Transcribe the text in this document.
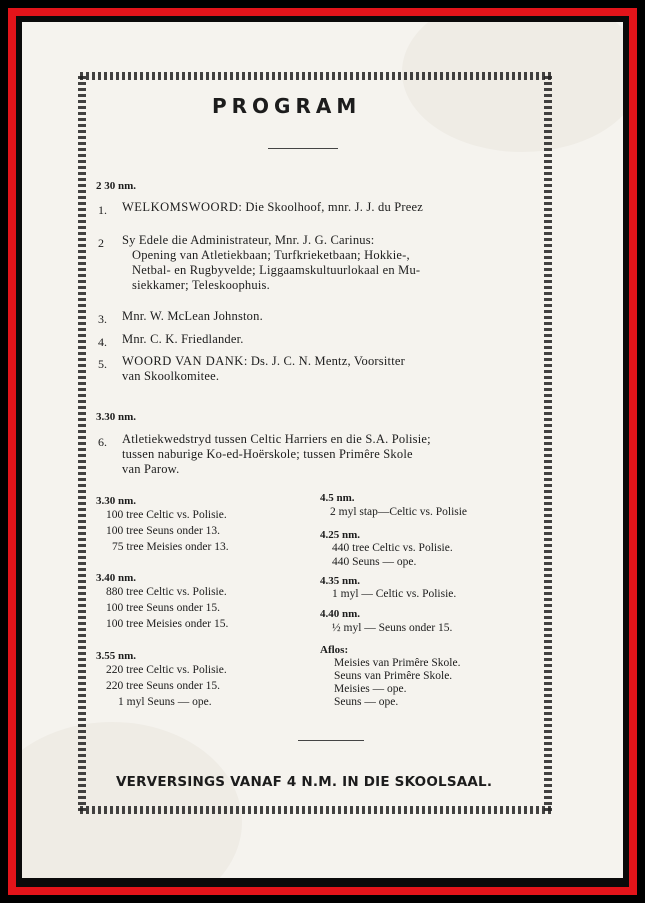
PROGRAM
2 30 nm.
1. WELKOMSWOORD: Die Skoolhoof, mnr. J. J. du Preez
2 Sy Edele die Administrateur, Mnr. J. G. Carinus:
Opening van Atletiekbaan; Turfkrieketbaan; Hokkie-,
Netbal- en Rugbyvelde; Liggaamskultuurlokaal en Mu-
siekkamer; Teleskoophuis.
3. Mnr. W. McLean Johnston.
4. Mnr. C. K. Friedlander.
5. WOORD VAN DANK: Ds. J. C. N. Mentz, Voorsitter
van Skoolkomitee.
3.30 nm.
6. Atletiekwedstryd tussen Celtic Harriers en die S.A. Polisie;
tussen naburige Ko-ed-Hoërskole; tussen Primêre Skole
van Parow.
3.30 nm.
100 tree Celtic vs. Polisie.
100 tree Seuns onder 13.
75 tree Meisies onder 13.
3.40 nm.
880 tree Celtic vs. Polisie.
100 tree Seuns onder 15.
100 tree Meisies onder 15.
3.55 nm.
220 tree Celtic vs. Polisie.
220 tree Seuns onder 15.
1 myl Seuns — ope.
4.5 nm.
2 myl stap—Celtic vs. Polisie
4.25 nm.
440 tree Celtic vs. Polisie.
440 Seuns — ope.
4.35 nm.
1 myl — Celtic vs. Polisie.
4.40 nm.
½ myl — Seuns onder 15.
Aflos:
Meisies van Primêre Skole.
Seuns van Primêre Skole.
Meisies — ope.
Seuns — ope.
VERVERSINGS VANAF 4 N.M. IN DIE SKOOLSAAL.
